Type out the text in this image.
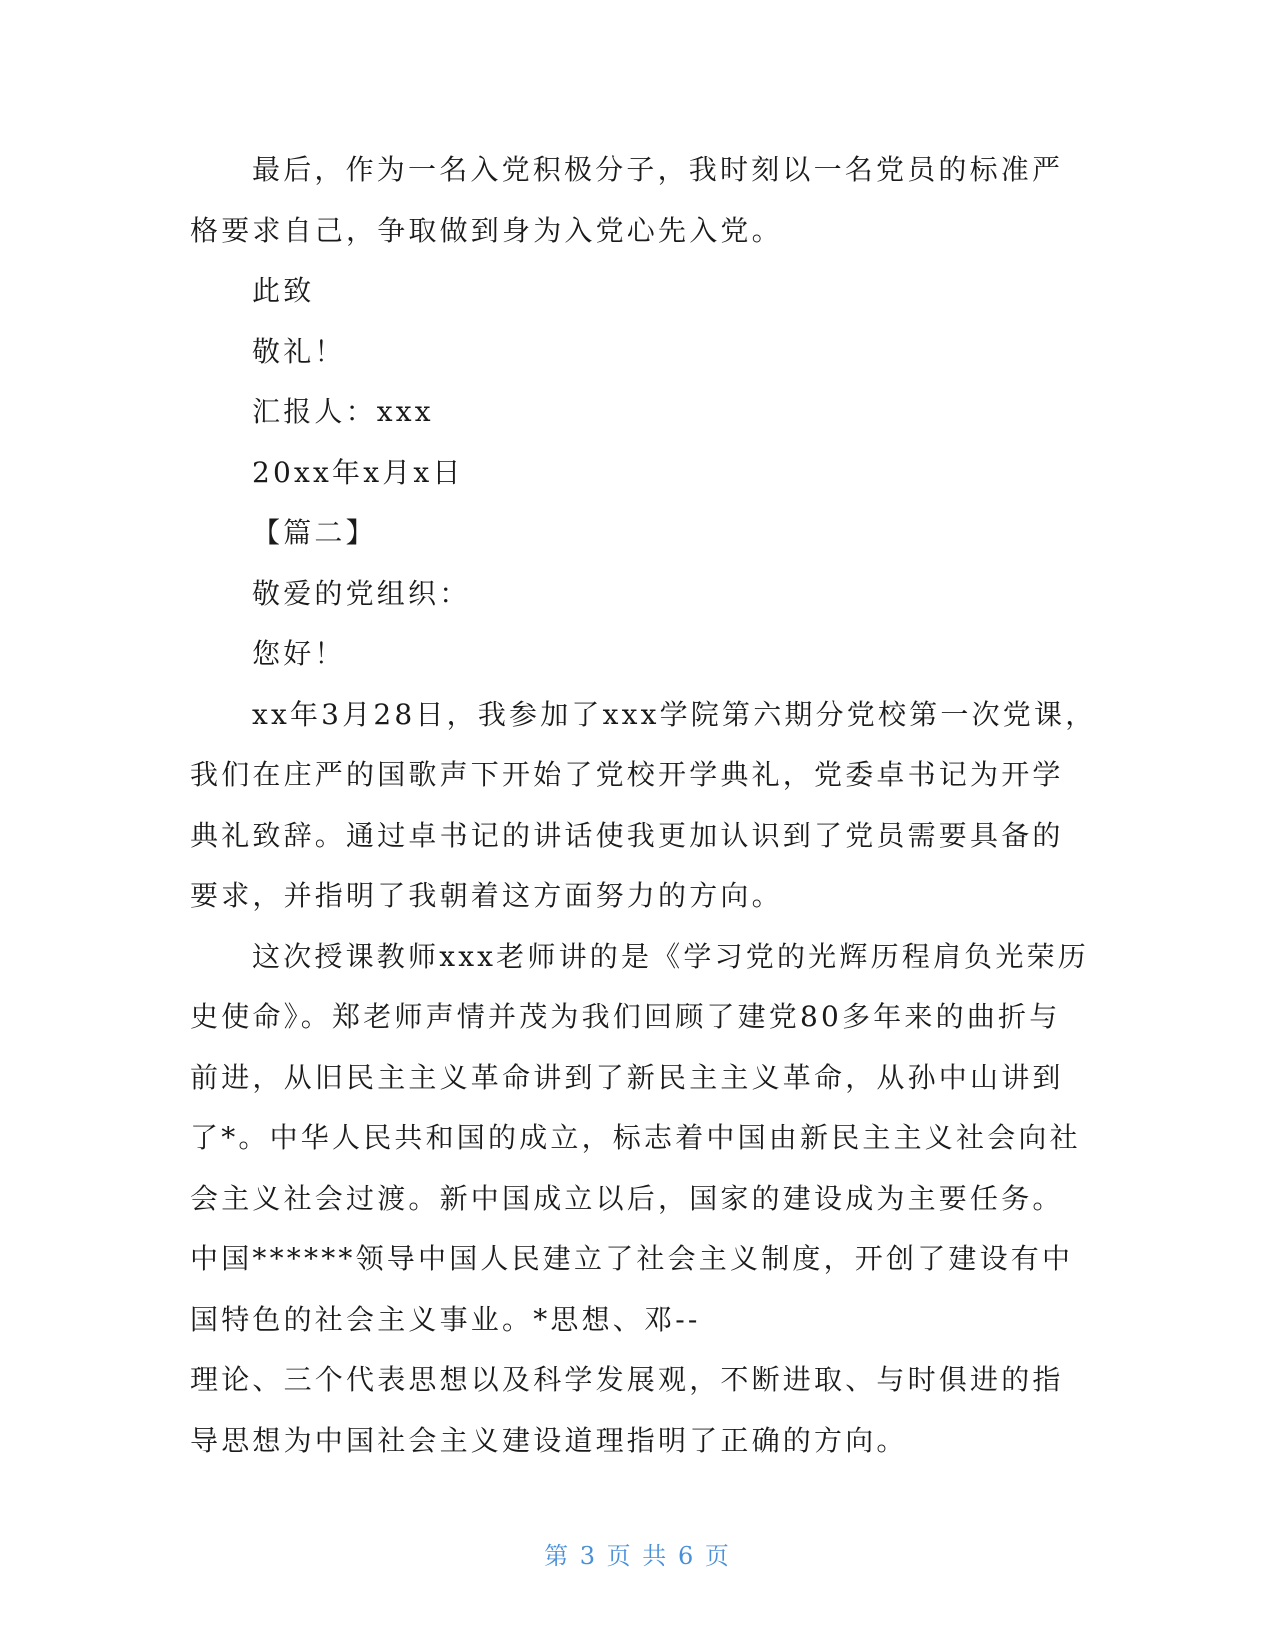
最后，作为一名入党积极分子，我时刻以一名党员的标准严
格要求自己，争取做到身为入党心先入党。
此致
敬礼！
汇报人：xxx
20xx年x月x日
【篇二】
敬爱的党组织：
您好！
xx年3月28日，我参加了xxx学院第六期分党校第一次党课，
我们在庄严的国歌声下开始了党校开学典礼，党委卓书记为开学
典礼致辞。通过卓书记的讲话使我更加认识到了党员需要具备的
要求，并指明了我朝着这方面努力的方向。
这次授课教师xxx老师讲的是《学习党的光辉历程肩负光荣历
史使命》。郑老师声情并茂为我们回顾了建党80多年来的曲折与
前进，从旧民主主义革命讲到了新民主主义革命，从孙中山讲到
了*。中华人民共和国的成立，标志着中国由新民主主义社会向社
会主义社会过渡。新中国成立以后，国家的建设成为主要任务。
中国******领导中国人民建立了社会主义制度，开创了建设有中
国特色的社会主义事业。*思想、邓--
理论、三个代表思想以及科学发展观，不断进取、与时俱进的指
导思想为中国社会主义建设道理指明了正确的方向。
第 3 页 共 6 页
